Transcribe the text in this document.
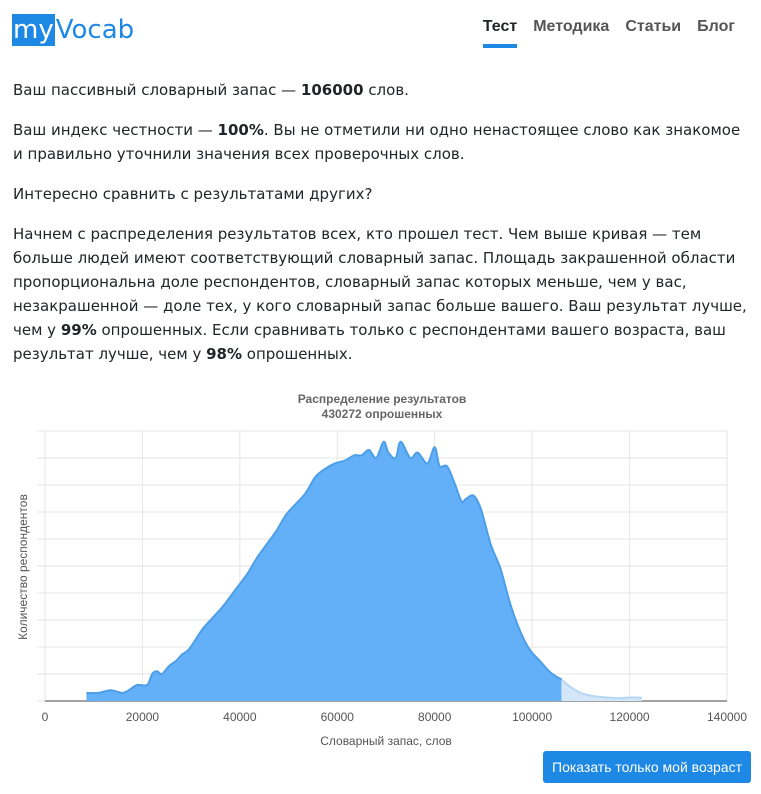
my Vocab	Тест Методика Статьи Блог

Ваш пассивный словарный запас — 106000 слов.

Ваш индекс честности — 100%. Вы не отметили ни одно ненастоящее слово как знакомое и правильно уточнили значения всех проверочных слов.

Интересно сравнить с результатами других?

Начнем с распределения результатов всех, кто прошел тест. Чем выше кривая — тем больше людей имеют соответствующий словарный запас. Площадь закрашенной области пропорциональна доле респондентов, словарный запас которых меньше, чем у вас, незакрашенной — доле тех, у кого словарный запас больше вашего. Ваш результат лучше, чем у 99% опрошенных. Если сравнивать только с респондентами вашего возраста, ваш результат лучше, чем у 98% опрошенных.

Распределение результатов
430272 опрошенных
0	20000	40000	60000	80000	100000	120000	140000
Словарный запас, слов
Количество респондентов
Показать только мой возраст
